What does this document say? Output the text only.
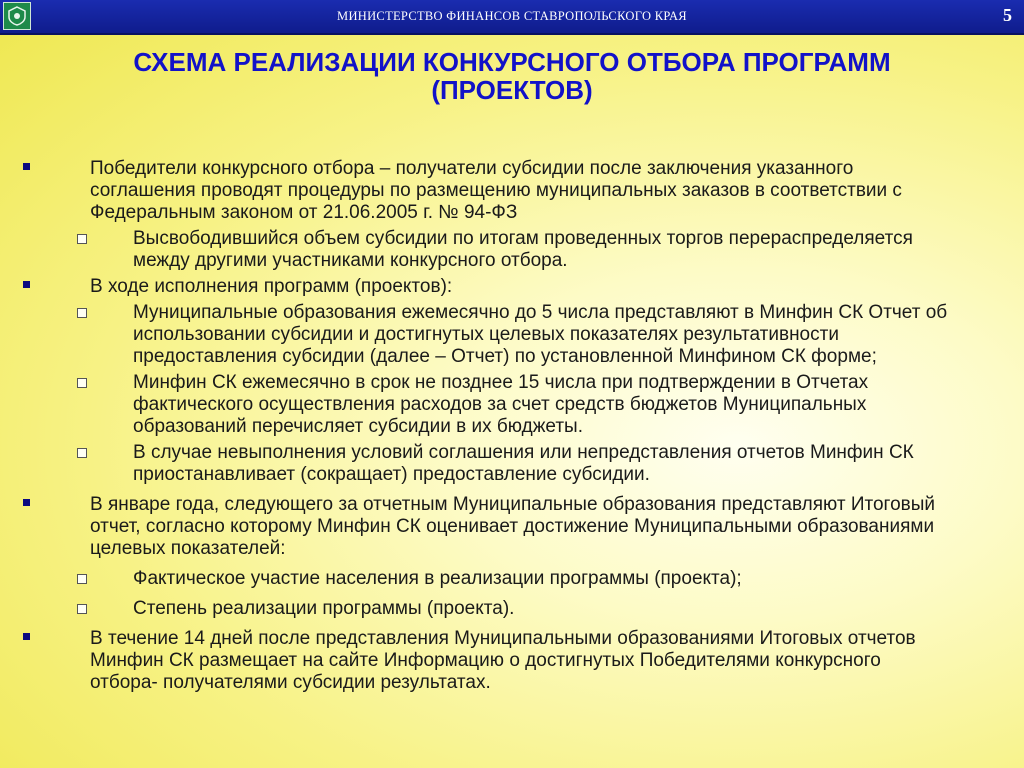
МИНИСТЕРСТВО ФИНАНСОВ СТАВРОПОЛЬСКОГО КРАЯ	5
СХЕМА РЕАЛИЗАЦИИ КОНКУРСНОГО ОТБОРА ПРОГРАММ
(ПРОЕКТОВ)
Победители конкурсного отбора – получатели субсидии после заключения указанного соглашения проводят процедуры по размещению муниципальных заказов в соответствии с Федеральным законом от 21.06.2005 г. № 94-ФЗ
Высвободившийся объем субсидии по итогам проведенных торгов перераспределяется между другими участниками конкурсного отбора.
В ходе исполнения программ (проектов):
Муниципальные образования ежемесячно до 5 числа представляют в Минфин СК Отчет об использовании субсидии и достигнутых целевых показателях результативности предоставления субсидии (далее – Отчет) по установленной Минфином СК форме;
Минфин СК ежемесячно в срок не позднее 15 числа при подтверждении в Отчетах фактического осуществления расходов за счет средств бюджетов Муниципальных образований перечисляет субсидии в их бюджеты.
В случае невыполнения условий соглашения или непредставления отчетов Минфин СК приостанавливает (сокращает) предоставление субсидии.
В январе года, следующего за отчетным Муниципальные образования представляют Итоговый отчет, согласно которому Минфин СК оценивает достижение Муниципальными образованиями целевых показателей:
Фактическое участие населения в реализации программы (проекта);
Степень реализации программы (проекта).
В течение 14 дней после представления Муниципальными образованиями Итоговых отчетов Минфин СК размещает на сайте Информацию о достигнутых Победителями конкурсного отбора- получателями субсидии результатах.
